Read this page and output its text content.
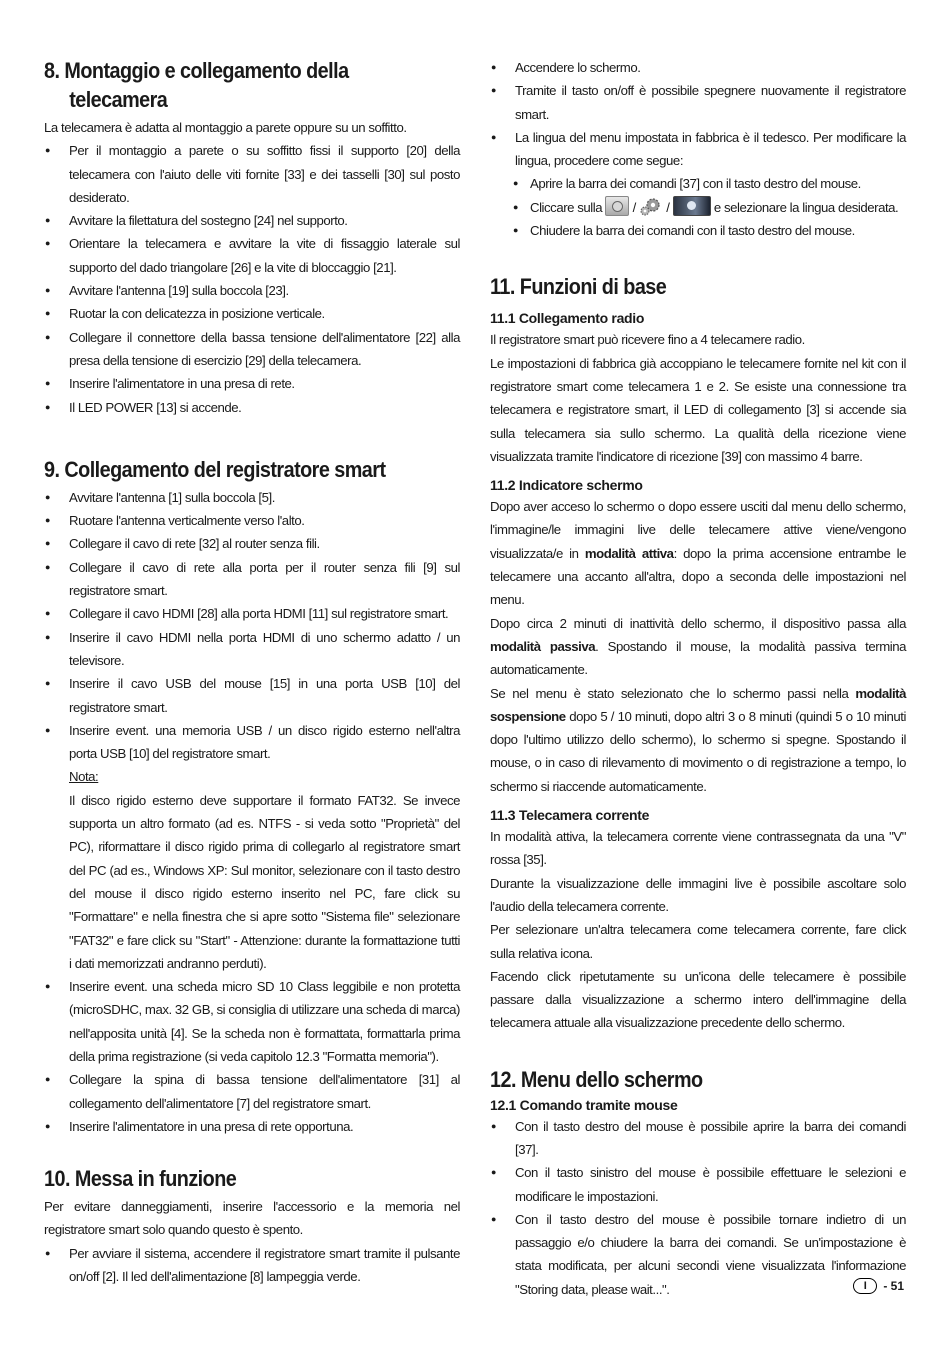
8. Montaggio e collegamento della
telecamera

La telecamera è adatta al montaggio a parete oppure su un soffitto.

● Per il montaggio a parete o su soffitto fissi il supporto [20] della telecamera con l'aiuto delle viti fornite [33] e dei tasselli [30] sul posto desiderato.
● Avvitare la filettatura del sostegno [24] nel supporto.
● Orientare la telecamera e avvitare la vite di fissaggio laterale sul supporto del dado triangolare [26] e la vite di bloccaggio [21].
● Avvitare l'antenna [19] sulla boccola [23].
● Ruotar la con delicatezza in posizione verticale.
● Collegare il connettore della bassa tensione dell'alimentatore [22] alla presa della tensione di esercizio [29] della telecamera.
● Inserire l'alimentatore in una presa di rete.
● Il LED POWER [13] si accende.
9. Collegamento del registratore smart
● Avvitare l'antenna [1] sulla boccola [5].
● Ruotare l'antenna verticalmente verso l'alto.
● Collegare il cavo di rete [32] al router senza fili.
● Collegare il cavo di rete alla porta per il router senza fili [9] sul registratore smart.
● Collegare il cavo HDMI [28] alla porta HDMI [11] sul registratore smart.
● Inserire il cavo HDMI nella porta HDMI di uno schermo adatto / un televisore.
● Inserire il cavo USB del mouse [15] in una porta USB [10] del registratore smart.
● Inserire event. una memoria USB / un disco rigido esterno nell'altra porta USB [10] del registratore smart.

Nota:
Il disco rigido esterno deve supportare il formato FAT32. Se invece supporta un altro formato (ad es. NTFS - si veda sotto "Proprietà" del PC), riformattare il disco rigido prima di collegarlo al registratore smart del PC (ad es., Windows XP: Sul monitor, selezionare con il tasto destro del mouse il disco rigido esterno inserito nel PC, fare click su "Formattare" e nella finestra che si apre sotto "Sistema file" selezionare "FAT32" e fare click su "Start" - Attenzione: durante la formattazione tutti i dati memorizzati andranno perduti).

● Inserire event. una scheda micro SD 10 Class leggibile e non protetta (microSDHC, max. 32 GB, si consiglia di utilizzare una scheda di marca) nell'apposita unità [4]. Se la scheda non è formattata, formattarla prima della prima registrazione (si veda capitolo 12.3 "Formatta memoria").
● Collegare la spina di bassa tensione dell'alimentatore [31] al collegamento dell'alimentatore [7] del registratore smart.
● Inserire l'alimentatore in una presa di rete opportuna.
10. Messa in funzione

Per evitare danneggiamenti, inserire l'accessorio e la memoria nel registratore smart solo quando questo è spento.

● Per avviare il sistema, accendere il registratore smart tramite il pulsante on/off [2]. Il led dell'alimentazione [8] lampeggia verde.
● Accendere lo schermo.
● Tramite il tasto on/off è possibile spegnere nuovamente il registratore smart.
● La lingua del menu impostata in fabbrica è il tedesco. Per modificare la lingua, procedere come segue:
● Aprire la barra dei comandi [37] con il tasto destro del mouse.
● Cliccare sulla / /	e selezionare la lingua desiderata.
● Chiudere la barra dei comandi con il tasto destro del mouse.
11. Funzioni di base
11.1 Collegamento radio

Il registratore smart può ricevere fino a 4 telecamere radio.

Le impostazioni di fabbrica già accoppiano le telecamere fornite nel kit con il registratore smart come telecamera 1 e 2. Se esiste una connessione tra telecamera e registratore smart, il LED di collegamento [3] si accende sia sulla telecamera sia sullo schermo. La qualità della ricezione viene visualizzata tramite l'indicatore di ricezione [39] con massimo 4 barre.

11.2 Indicatore schermo

Dopo aver acceso lo schermo o dopo essere usciti dal menu dello schermo, l'immagine/le immagini live delle telecamere attive viene/vengono visualizzata/e in modalità attiva: dopo la prima accensione entrambe le telecamere una accanto all'altra, dopo a seconda delle impostazioni nel menu.

Dopo circa 2 minuti di inattività dello schermo, il dispositivo passa alla modalità passiva. Spostando il mouse, la modalità passiva termina automaticamente.

Se nel menu è stato selezionato che lo schermo passi nella modalità sospensione dopo 5 / 10 minuti, dopo altri 3 o 8 minuti (quindi 5 o 10 minuti dopo l'ultimo utilizzo dello schermo), lo schermo si spegne. Spostando il mouse, o in caso di rilevamento di movimento o di registrazione a tempo, lo schermo si riaccende automaticamente.

11.3 Telecamera corrente

In modalità attiva, la telecamera corrente viene contrassegnata da una "V" rossa [35].

Durante la visualizzazione delle immagini live è possibile ascoltare solo l'audio della telecamera corrente.

Per selezionare un'altra telecamera come telecamera corrente, fare click sulla relativa icona.

Facendo click ripetutamente su un'icona delle telecamere è possibile passare dalla visualizzazione a schermo intero dell'immagine della telecamera attuale alla visualizzazione precedente dello schermo.

12. Menu dello schermo
12.1 Comando tramite mouse
● Con il tasto destro del mouse è possibile aprire la barra dei comandi [37].
● Con il tasto sinistro del mouse è possibile effettuare le selezioni e modificare le impostazioni.
● Con il tasto destro del mouse è possibile tornare indietro di un passaggio e/o chiudere la barra dei comandi. Se un'impostazione è stata modificata, per alcuni secondi viene visualizzata l'informazione "Storing data, please wait...".	I	- 51
